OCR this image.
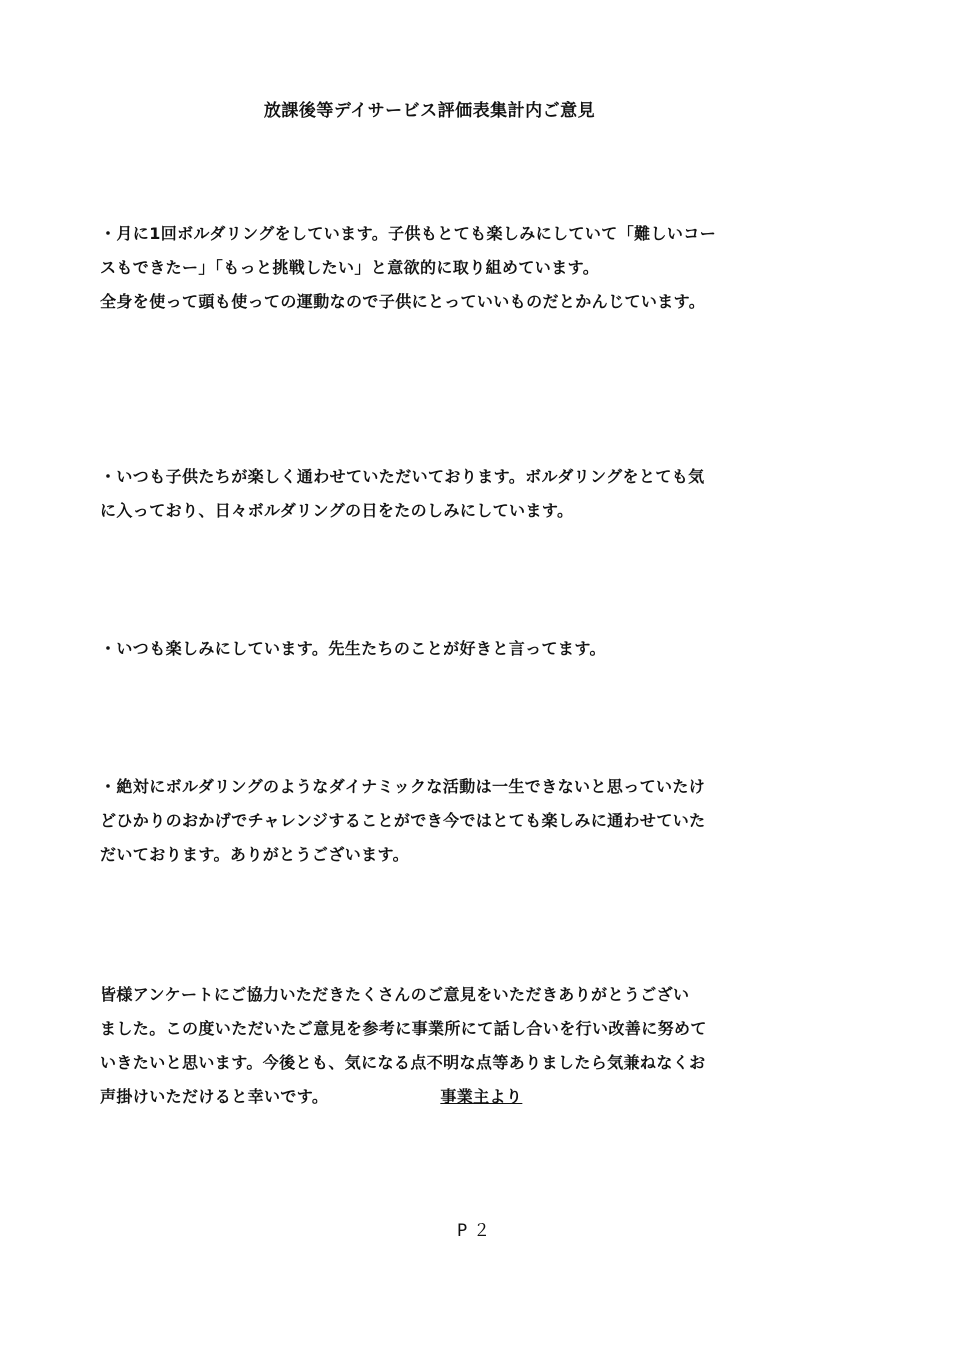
放課後等デイサービス評価表集計内ご意見
・月に1回ボルダリングをしています。子供もとても楽しみにしていて「難しいコー
スもできたー」「もっと挑戦したい」と意欲的に取り組めています。
全身を使って頭も使っての運動なので子供にとっていいものだとかんじています。
・いつも子供たちが楽しく通わせていただいております。ボルダリングをとても気
に入っており、日々ボルダリングの日をたのしみにしています。
・いつも楽しみにしています。先生たちのことが好きと言ってます。
・絶対にボルダリングのようなダイナミックな活動は一生できないと思っていたけ
どひかりのおかげでチャレンジすることができ今ではとても楽しみに通わせていた
だいております。ありがとうございます。
皆様アンケートにご協力いただきたくさんのご意見をいただきありがとうござい
ました。この度いただいたご意見を参考に事業所にて話し合いを行い改善に努めて
いきたいと思います。今後とも、気になる点不明な点等ありましたら気兼ねなくお
声掛けいただけると幸いです。	事業主より
P２
